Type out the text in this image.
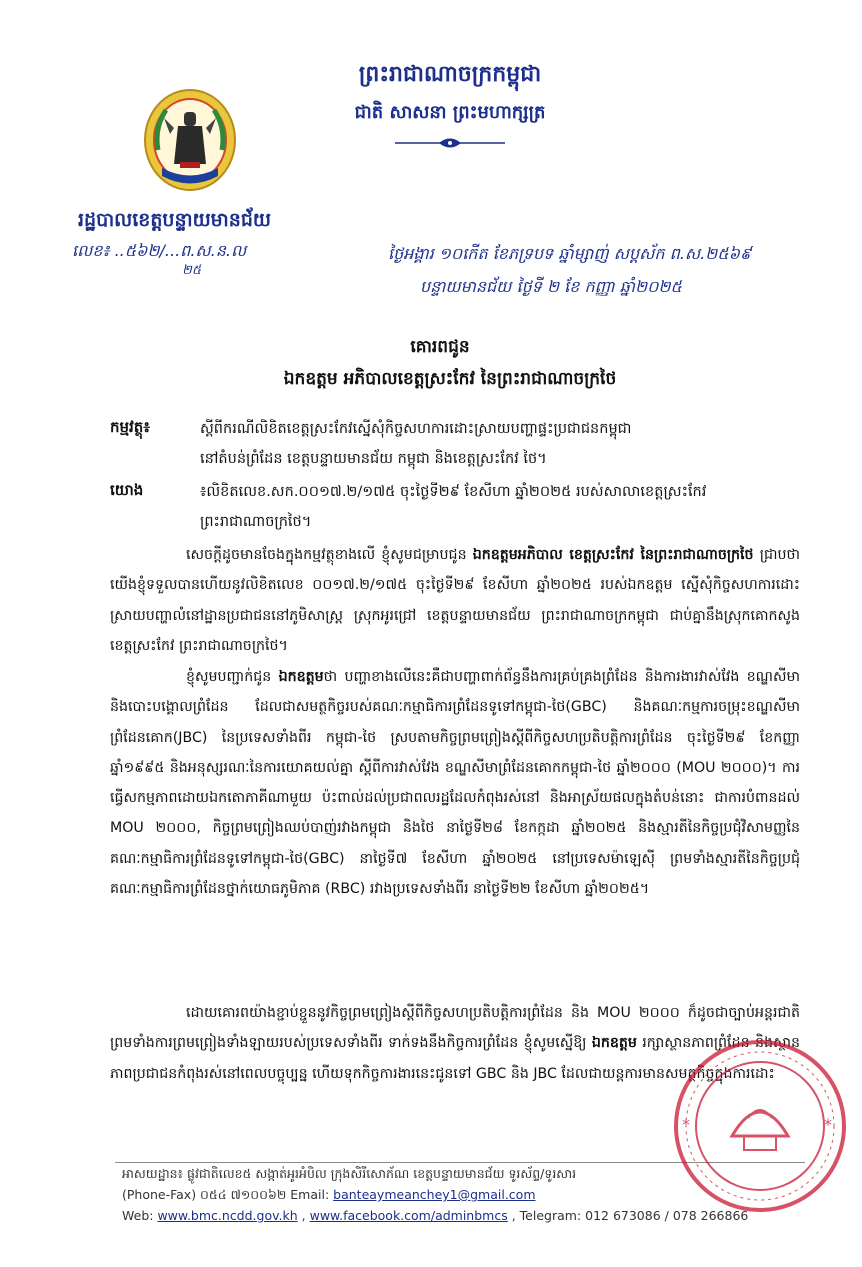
ព្រះរាជាណាចក្រកម្ពុជា
ជាតិ សាសនា ព្រះមហាក្សត្រ
រដ្ឋបាលខេត្តបន្ទាយមានជ័យ
លេខ៖ ..៥៦២/...ព.ស.ន.ល
២៥
ថ្ងៃអង្គារ ១០កើត ខែភទ្របទ ឆ្នាំម្សាញ់ សប្តស័ក ព.ស.២៥៦៩
បន្ទាយមានជ័យ ថ្ងៃទី ២ ខែ កញ្ញា ឆ្នាំ២០២៥
គោរពជូន
ឯកឧត្តម អភិបាលខេត្តស្រះកែវ នៃព្រះរាជាណាចក្រថៃ
កម្មវត្ថុ៖	ស្តីពីករណីលិខិតខេត្តស្រះកែវស្នើសុំកិច្ចសហការដោះស្រាយបញ្ហាផ្ទះប្រជាជនកម្ពុជា
នៅតំបន់ព្រំដែន ខេត្តបន្ទាយមានជ័យ កម្ពុជា និងខេត្តស្រះកែវ ថៃ។
យោង	៖លិខិតលេខ.សក.០០១៧.២/១៧៥ ចុះថ្ងៃទី២៩ ខែសីហា ឆ្នាំ២០២៥ របស់សាលាខេត្តស្រះកែវ
ព្រះរាជាណាចក្រថៃ។
សេចក្តីដូចមានចែងក្នុងកម្មវត្ថុខាងលើ ខ្ញុំសូមជម្រាបជូន ឯកឧត្តមអភិបាល ខេត្តស្រះកែវ នៃព្រះរាជាណាចក្រថៃ ជ្រាបថា យើងខ្ញុំទទួលបានហើយនូវលិខិតលេខ ០០១៧.២/១៧៥ ចុះថ្ងៃទី២៩ ខែសីហា ឆ្នាំ២០២៥ របស់ឯកឧត្តម ស្នើសុំកិច្ចសហការដោះស្រាយបញ្ហាលំនៅដ្ឋានប្រជាជននៅភូមិសាស្រ្ត ស្រុកអូរជ្រៅ ខេត្តបន្ទាយមានជ័យ ព្រះរាជាណាចក្រកម្ពុជា ជាប់គ្នានឹងស្រុកគោកសូង ខេត្តស្រះកែវ ព្រះរាជាណាចក្រថៃ។
ខ្ញុំសូមបញ្ជាក់ជូន ឯកឧត្តមថា បញ្ហាខាងលើនេះគឺជាបញ្ហាពាក់ព័ន្ធនឹងការគ្រប់គ្រងព្រំដែន និងការងារវាស់វែង ខណ្ឌសីមានិងបោះបង្គោលព្រំដែន ដែលជាសមត្ថកិច្ចរបស់គណៈកម្មាធិការព្រំដែនទូទៅកម្ពុជា-ថៃ(GBC) និងគណៈកម្មការចម្រុះខណ្ឌសីមាព្រំដែនគោក(JBC) នៃប្រទេសទាំងពីរ កម្ពុជា-ថៃ ស្របតាមកិច្ចព្រមព្រៀងស្តីពីកិច្ចសហប្រតិបត្តិការព្រំដែន ចុះថ្ងៃទី២៩ ខែកញ្ញា ឆ្នាំ១៩៩៥ និងអនុស្សរណៈនៃការយោគយល់គ្នា ស្តីពីការវាស់វែង ខណ្ឌសីមាព្រំដែនគោកកម្ពុជា-ថៃ ឆ្នាំ២០០០ (MOU ២០០០)។ ការធ្វើសកម្មភាពដោយឯកតោភាគីណាមួយ ប៉ះពាល់ដល់ប្រជាពលរដ្ឋដែលកំពុងរស់នៅ និងអាស្រ័យផលក្នុងតំបន់នោះ ជាការបំពានដល់ MOU ២០០០, កិច្ចព្រមព្រៀងឈប់បាញ់រវាងកម្ពុជា និងថៃ នាថ្ងៃទី២៨ ខែកក្កដា ឆ្នាំ២០២៥ និងស្មារតីនៃកិច្ចប្រជុំវិសាមញ្ញនៃគណៈកម្មាធិការព្រំដែនទូទៅកម្ពុជា-ថៃ(GBC) នាថ្ងៃទី៧ ខែសីហា ឆ្នាំ២០២៥ នៅប្រទេសម៉ាឡេស៊ី ព្រមទាំងស្មារតីនៃកិច្ចប្រជុំគណៈកម្មាធិការព្រំដែនថ្នាក់យោធភូមិភាគ (RBC) រវាងប្រទេសទាំងពីរ នាថ្ងៃទី២២ ខែសីហា ឆ្នាំ២០២៥។
ដោយគោរពយ៉ាងខ្ជាប់ខ្ជួននូវកិច្ចព្រមព្រៀងស្តីពីកិច្ចសហប្រតិបត្តិការព្រំដែន និង MOU ២០០០ ក៏ដូចជាច្បាប់អន្តរជាតិ ព្រមទាំងការព្រមព្រៀងទាំងឡាយរបស់ប្រទេសទាំងពីរ ទាក់ទងនឹងកិច្ចការព្រំដែន ខ្ញុំសូមស្នើឱ្យ ឯកឧត្តម រក្សាស្ថានភាពព្រំដែន និងស្ថានភាពប្រជាជនកំពុងរស់នៅពេលបច្ចុប្បន្ន ហើយទុកកិច្ចការងារនេះជូនទៅ GBC និង JBC ដែលជាយន្តការមានសមត្ថកិច្ចក្នុងការដោះ
អាសយដ្ឋាន៖ ផ្លូវជាតិលេខ៥ សង្កាត់អូរអំបិល ក្រុងសិរីសោភ័ណ ខេត្តបន្ទាយមានជ័យ ទូរស័ព្ទ/ទូរសារ
(Phone-Fax) ០៥៤ ៧១០០៦២ Email: banteaymeanchey1@gmail.com
Web: www.bmc.ncdd.gov.kh , www.facebook.com/adminbmcs , Telegram: 012 673086 / 078 266866
*	*
